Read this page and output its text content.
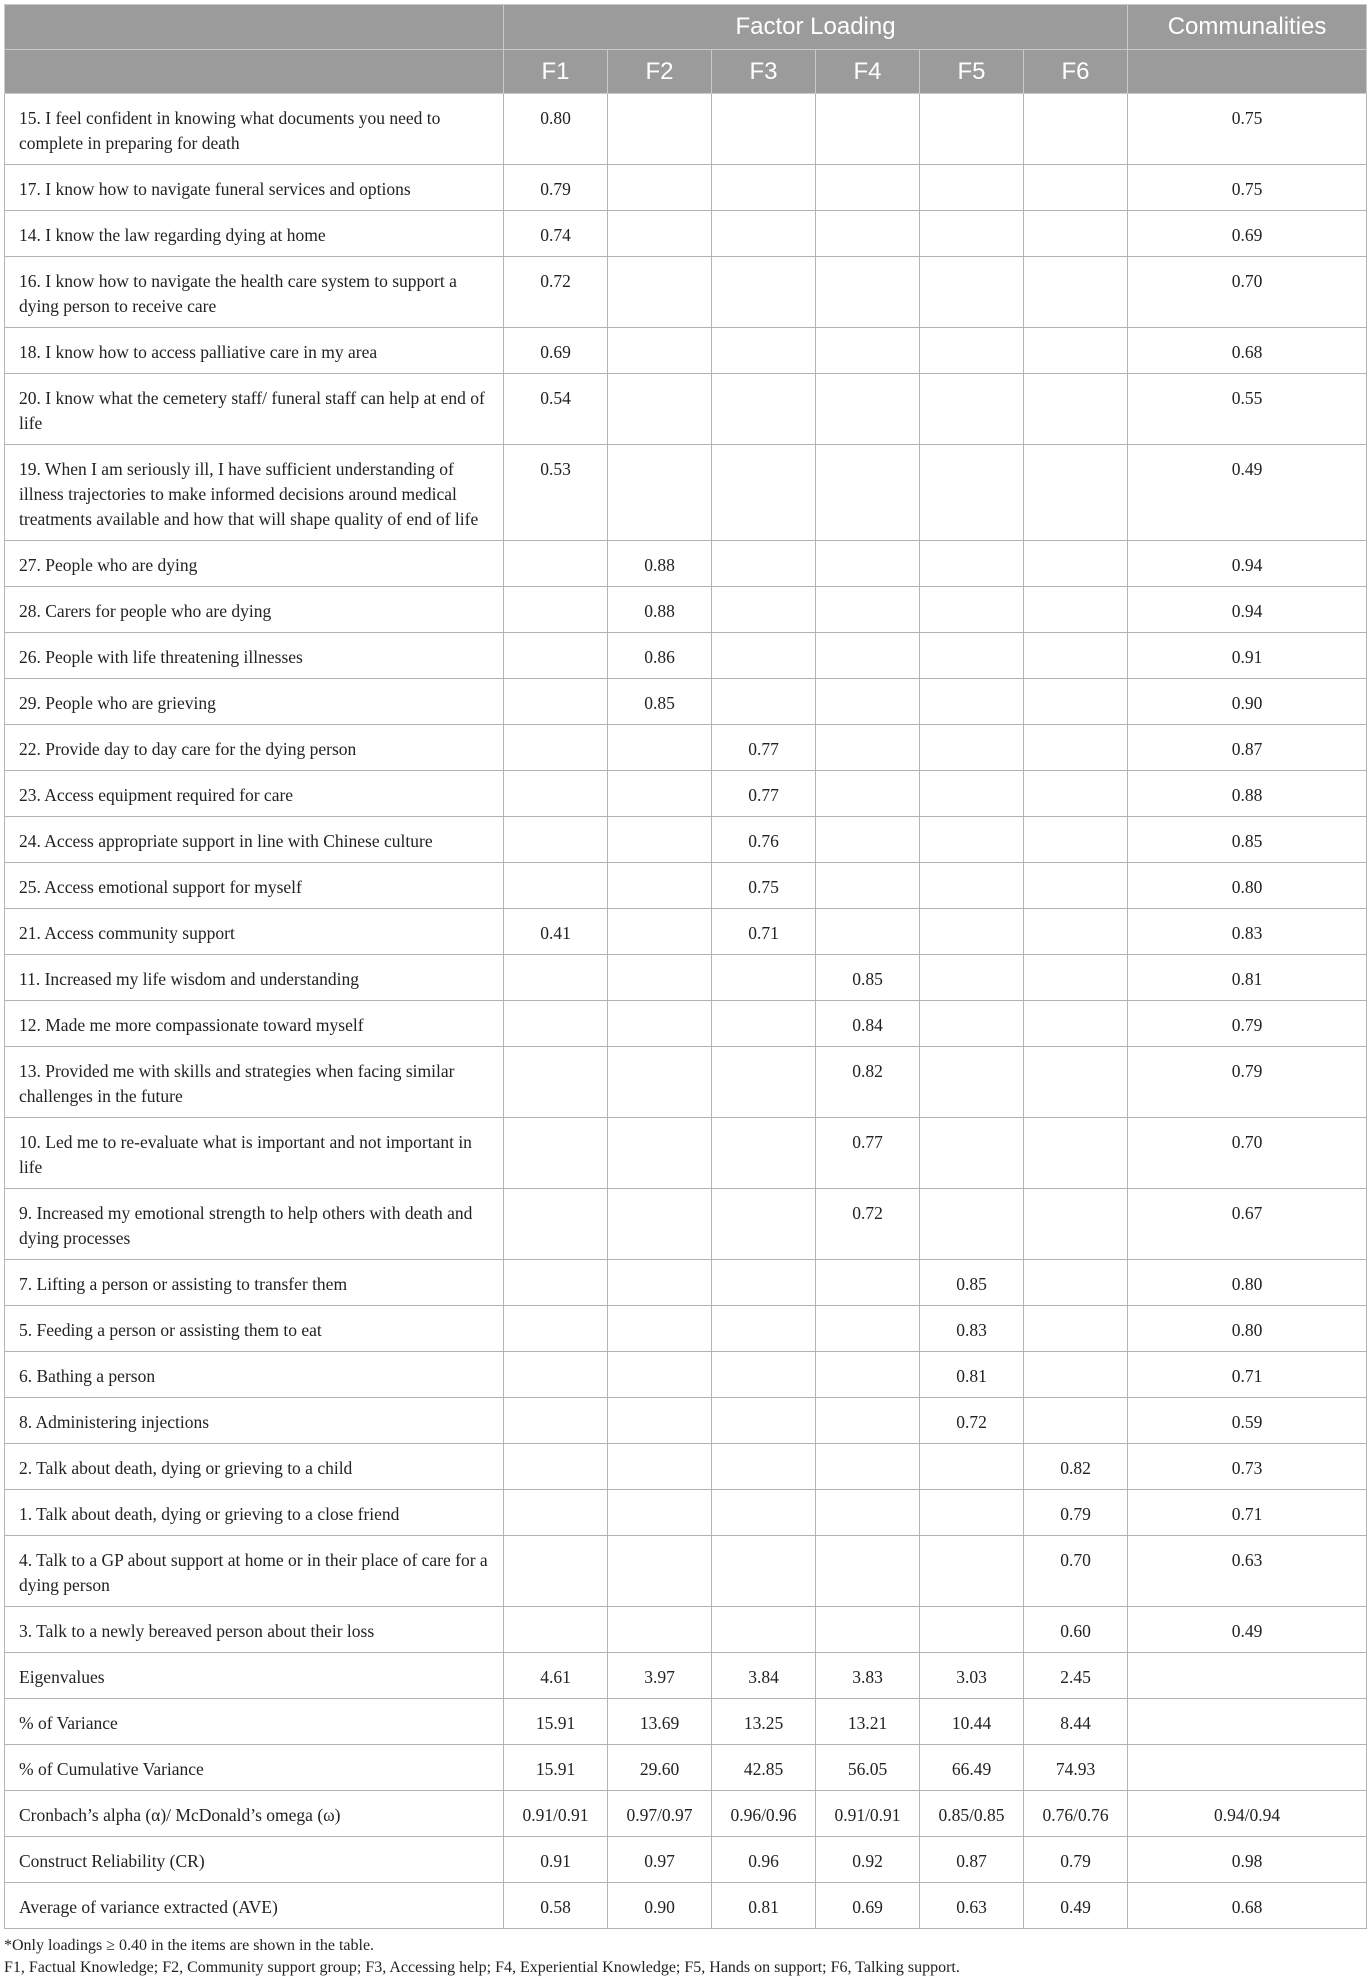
	Factor Loading						Communalities
	F1	F2	F3	F4	F5	F6	
15. I feel confident in knowing what documents you need to complete in preparing for death	0.80						0.75
17. I know how to navigate funeral services and options	0.79						0.75
14. I know the law regarding dying at home	0.74						0.69
16. I know how to navigate the health care system to support a dying person to receive care	0.72						0.70
18. I know how to access palliative care in my area	0.69						0.68
20. I know what the cemetery staff/ funeral staff can help at end of life	0.54						0.55
19. When I am seriously ill, I have sufficient understanding of illness trajectories to make informed decisions around medical treatments available and how that will shape quality of end of life	0.53						0.49
27. People who are dying		0.88					0.94
28. Carers for people who are dying		0.88					0.94
26. People with life threatening illnesses		0.86					0.91
29. People who are grieving		0.85					0.90
22. Provide day to day care for the dying person			0.77				0.87
23. Access equipment required for care			0.77				0.88
24. Access appropriate support in line with Chinese culture			0.76				0.85
25. Access emotional support for myself			0.75				0.80
21. Access community support	0.41		0.71				0.83
11. Increased my life wisdom and understanding				0.85			0.81
12. Made me more compassionate toward myself				0.84			0.79
13. Provided me with skills and strategies when facing similar challenges in the future				0.82			0.79
10. Led me to re-evaluate what is important and not important in life				0.77			0.70
9. Increased my emotional strength to help others with death and dying processes				0.72			0.67
7. Lifting a person or assisting to transfer them					0.85		0.80
5. Feeding a person or assisting them to eat					0.83		0.80
6. Bathing a person					0.81		0.71
8. Administering injections					0.72		0.59
2. Talk about death, dying or grieving to a child						0.82	0.73
1. Talk about death, dying or grieving to a close friend						0.79	0.71
4. Talk to a GP about support at home or in their place of care for a dying person						0.70	0.63
3. Talk to a newly bereaved person about their loss						0.60	0.49
Eigenvalues	4.61	3.97	3.84	3.83	3.03	2.45	
% of Variance	15.91	13.69	13.25	13.21	10.44	8.44	
% of Cumulative Variance	15.91	29.60	42.85	56.05	66.49	74.93	
Cronbach’s alpha (α)/ McDonald’s omega (ω)	0.91/0.91	0.97/0.97	0.96/0.96	0.91/0.91	0.85/0.85	0.76/0.76	0.94/0.94
Construct Reliability (CR)	0.91	0.97	0.96	0.92	0.87	0.79	0.98
Average of variance extracted (AVE)	0.58	0.90	0.81	0.69	0.63	0.49	0.68
*Only loadings ≥ 0.40 in the items are shown in the table.
F1, Factual Knowledge; F2, Community support group; F3, Accessing help; F4, Experiential Knowledge; F5, Hands on support; F6, Talking support.
